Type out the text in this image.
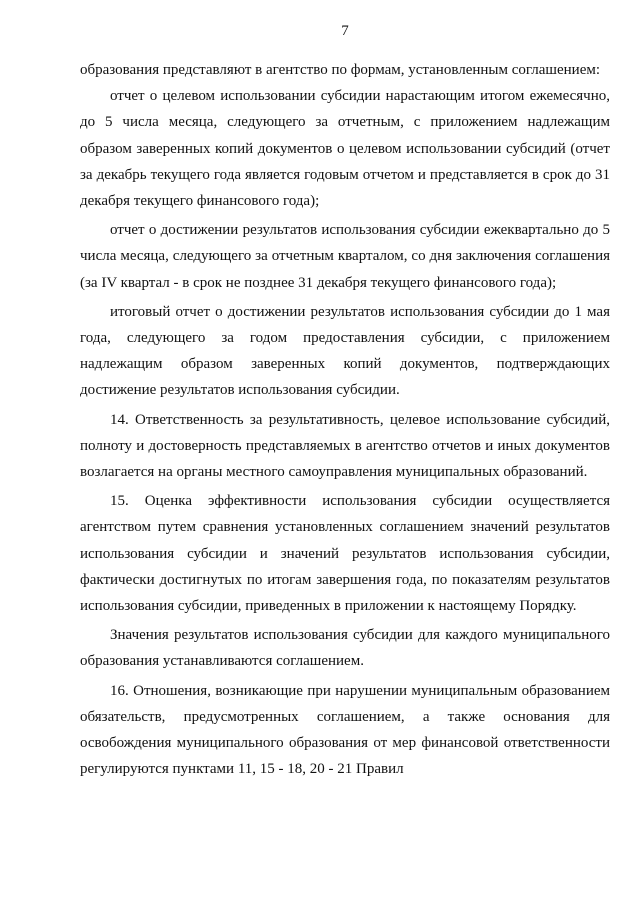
7

образования представляют в агентство по формам, установленным соглашением:

отчет о целевом использовании субсидии нарастающим итогом ежемесячно, до 5 числа месяца, следующего за отчетным, с приложением надлежащим образом заверенных копий документов о целевом использовании субсидий (отчет за декабрь текущего года является годовым отчетом и представляется в срок до 31 декабря текущего финансового года);

отчет о достижении результатов использования субсидии ежеквартально до 5 числа месяца, следующего за отчетным кварталом, со дня заключения соглашения (за IV квартал - в срок не позднее 31 декабря текущего финансового года);

итоговый отчет о достижении результатов использования субсидии до 1 мая года, следующего за годом предоставления субсидии, с приложением надлежащим образом заверенных копий документов, подтверждающих достижение результатов использования субсидии.

14. Ответственность за результативность, целевое использование субсидий, полноту и достоверность представляемых в агентство отчетов и иных документов возлагается на органы местного самоуправления муниципальных образований.

15. Оценка эффективности использования субсидии осуществляется агентством путем сравнения установленных соглашением значений результатов использования субсидии и значений результатов использования субсидии, фактически достигнутых по итогам завершения года, по показателям результатов использования субсидии, приведенных в приложении к настоящему Порядку.

Значения результатов использования субсидии для каждого муниципального образования устанавливаются соглашением.

16. Отношения, возникающие при нарушении муниципальным образованием обязательств, предусмотренных соглашением, а также основания для освобождения муниципального образования от мер финансовой ответственности регулируются пунктами 11, 15 - 18, 20 - 21 Правил
